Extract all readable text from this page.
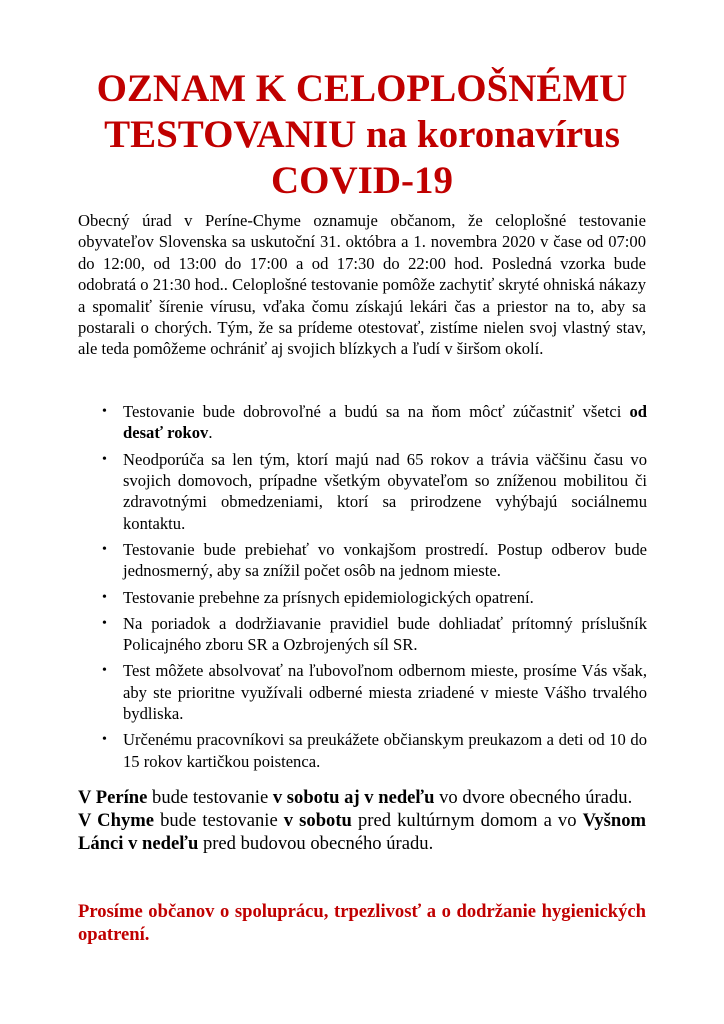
OZNAM K CELOPLOŠNÉMU
TESTOVANIU na koronavírus
COVID-19

Obecný úrad v Períne-Chyme oznamuje občanom, že celoplošné testovanie obyvateľov Slovenska sa uskutoční 31. októbra a 1. novembra 2020 v čase od 07:00 do 12:00, od 13:00 do 17:00 a od 17:30 do 22:00 hod. Posledná vzorka bude odobratá o 21:30 hod.. Celoplošné testovanie pomôže zachytiť skryté ohniská nákazy a spomaliť šírenie vírusu, vďaka čomu získajú lekári čas a priestor na to, aby sa postarali o chorých. Tým, že sa prídeme otestovať, zistíme nielen svoj vlastný stav, ale teda pomôžeme ochrániť aj svojich blízkych a ľudí v širšom okolí.

• Testovanie bude dobrovoľné a budú sa na ňom môcť zúčastniť všetci od desať rokov.
• Neodporúča sa len tým, ktorí majú nad 65 rokov a trávia väčšinu času vo svojich domovoch, prípadne všetkým obyvateľom so zníženou mobilitou či zdravotnými obmedzeniami, ktorí sa prirodzene vyhýbajú sociálnemu kontaktu.
• Testovanie bude prebiehať vo vonkajšom prostredí. Postup odberov bude jednosmerný, aby sa znížil počet osôb na jednom mieste.
• Testovanie prebehne za prísnych epidemiologických opatrení.
• Na poriadok a dodržiavanie pravidiel bude dohliadať prítomný príslušník Policajného zboru SR a Ozbrojených síl SR.
• Test môžete absolvovať na ľubovoľnom odbernom mieste, prosíme Vás však, aby ste prioritne využívali odberné miesta zriadené v mieste Vášho trvalého bydliska.
• Určenému pracovníkovi sa preukážete občianskym preukazom a deti od 10 do 15 rokov kartičkou poistenca.

V Períne bude testovanie v sobotu aj v nedeľu vo dvore obecného úradu.

V Chyme bude testovanie v sobotu pred kultúrnym domom a vo Vyšnom Lánci v nedeľu pred budovou obecného úradu.

Prosíme občanov o spoluprácu, trpezlivosť a o dodržanie hygienických opatrení.
